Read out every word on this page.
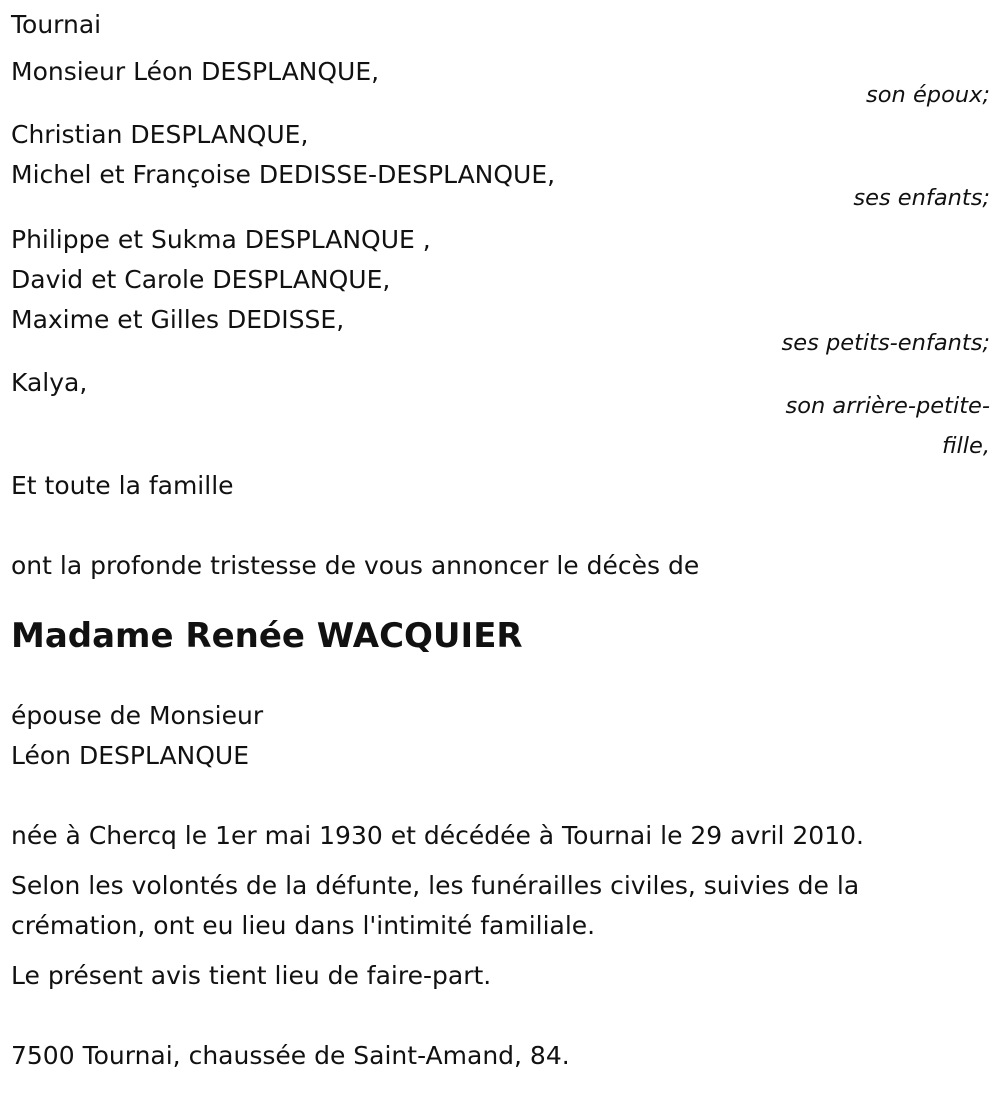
Tournai
Monsieur Léon DESPLANQUE,
son époux;
Christian DESPLANQUE,
Michel et Françoise DEDISSE-DESPLANQUE,
ses enfants;
Philippe et Sukma DESPLANQUE ,
David et Carole DESPLANQUE,
Maxime et Gilles DEDISSE,
ses petits-enfants;
Kalya,
son arrière-petite-
fille,
Et toute la famille
ont la profonde tristesse de vous annoncer le décès de
Madame Renée WACQUIER
épouse de Monsieur
Léon DESPLANQUE
née à Chercq le 1er mai 1930 et décédée à Tournai le 29 avril 2010.
Selon les volontés de la défunte, les funérailles civiles, suivies de la
crémation, ont eu lieu dans l'intimité familiale.
Le présent avis tient lieu de faire-part.
7500 Tournai, chaussée de Saint-Amand, 84.
